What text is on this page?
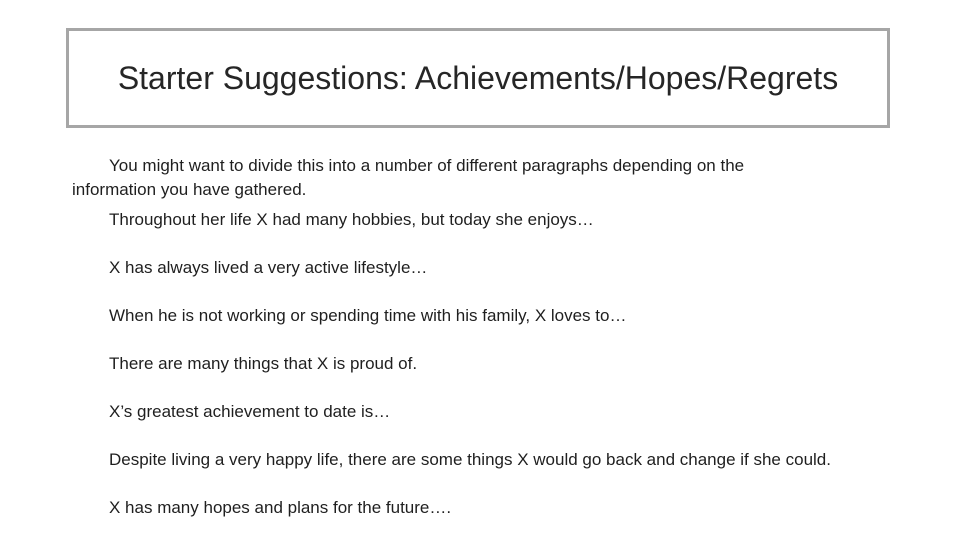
Starter Suggestions: Achievements/Hopes/Regrets

You might want to divide this into a number of different paragraphs depending on the information you have gathered.

Throughout her life X had many hobbies, but today she enjoys…
X has always lived a very active lifestyle…
When he is not working or spending time with his family, X loves to…
There are many things that X is proud of.
X’s greatest achievement to date is…
Despite living a very happy life, there are some things X would go back and change if she could.
X has many hopes and plans for the future….
